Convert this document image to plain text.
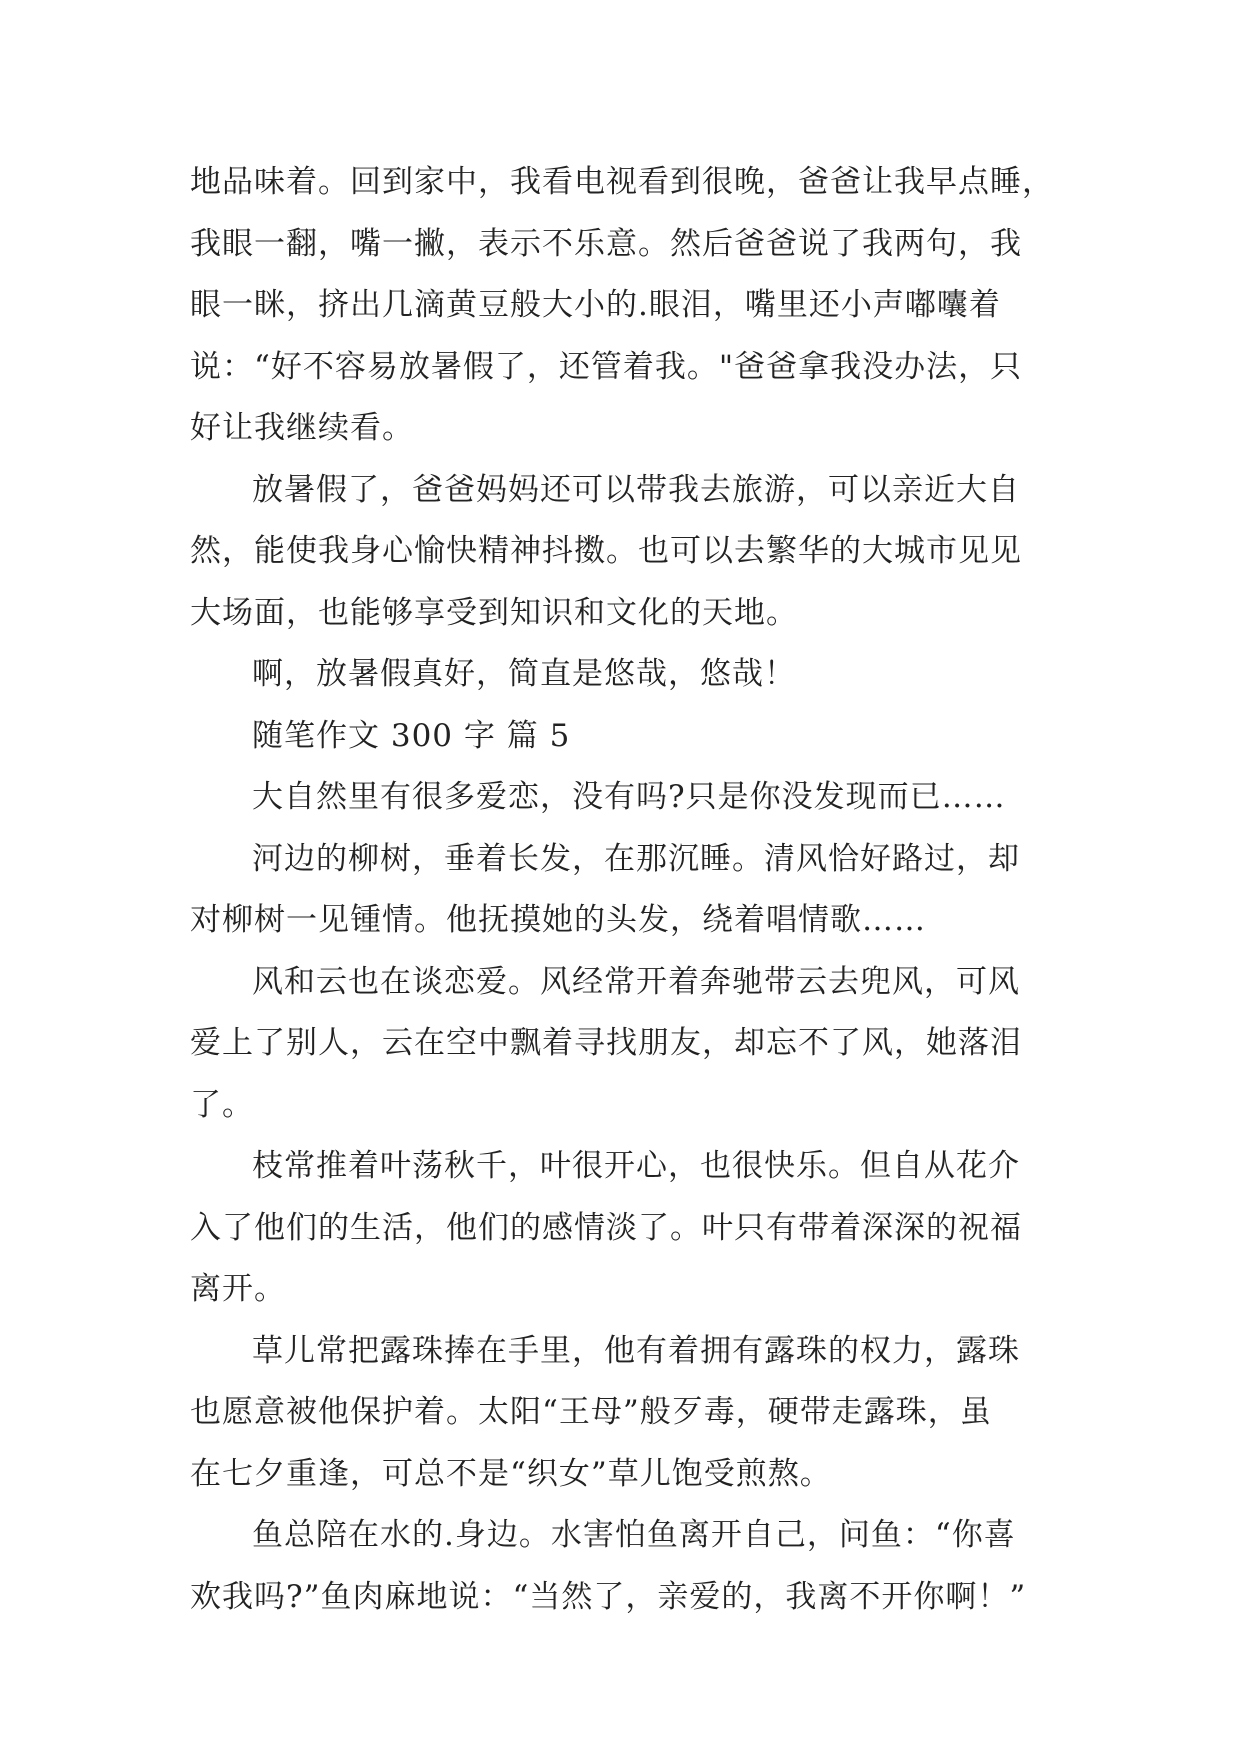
地品味着。回到家中，我看电视看到很晚，爸爸让我早点睡，
我眼一翻，嘴一撇，表示不乐意。然后爸爸说了我两句，我
眼一眯，挤出几滴黄豆般大小的.眼泪，嘴里还小声嘟囔着
说：“好不容易放暑假了，还管着我。"爸爸拿我没办法，只
好让我继续看。
放暑假了，爸爸妈妈还可以带我去旅游，可以亲近大自
然，能使我身心愉快精神抖擞。也可以去繁华的大城市见见
大场面，也能够享受到知识和文化的天地。
啊，放暑假真好，简直是悠哉，悠哉！
随笔作文 300 字 篇 5
大自然里有很多爱恋，没有吗?只是你没发现而已……
河边的柳树，垂着长发，在那沉睡。清风恰好路过，却
对柳树一见锺情。他抚摸她的头发，绕着唱情歌……
风和云也在谈恋爱。风经常开着奔驰带云去兜风，可风
爱上了别人，云在空中飘着寻找朋友，却忘不了风，她落泪
了。
枝常推着叶荡秋千，叶很开心，也很快乐。但自从花介
入了他们的生活，他们的感情淡了。叶只有带着深深的祝福
离开。
草儿常把露珠捧在手里，他有着拥有露珠的权力，露珠
也愿意被他保护着。太阳“王母”般歹毒，硬带走露珠，虽
在七夕重逢，可总不是“织女”草儿饱受煎熬。
鱼总陪在水的.身边。水害怕鱼离开自己，问鱼：“你喜
欢我吗?”鱼肉麻地说：“当然了，亲爱的，我离不开你啊！”
